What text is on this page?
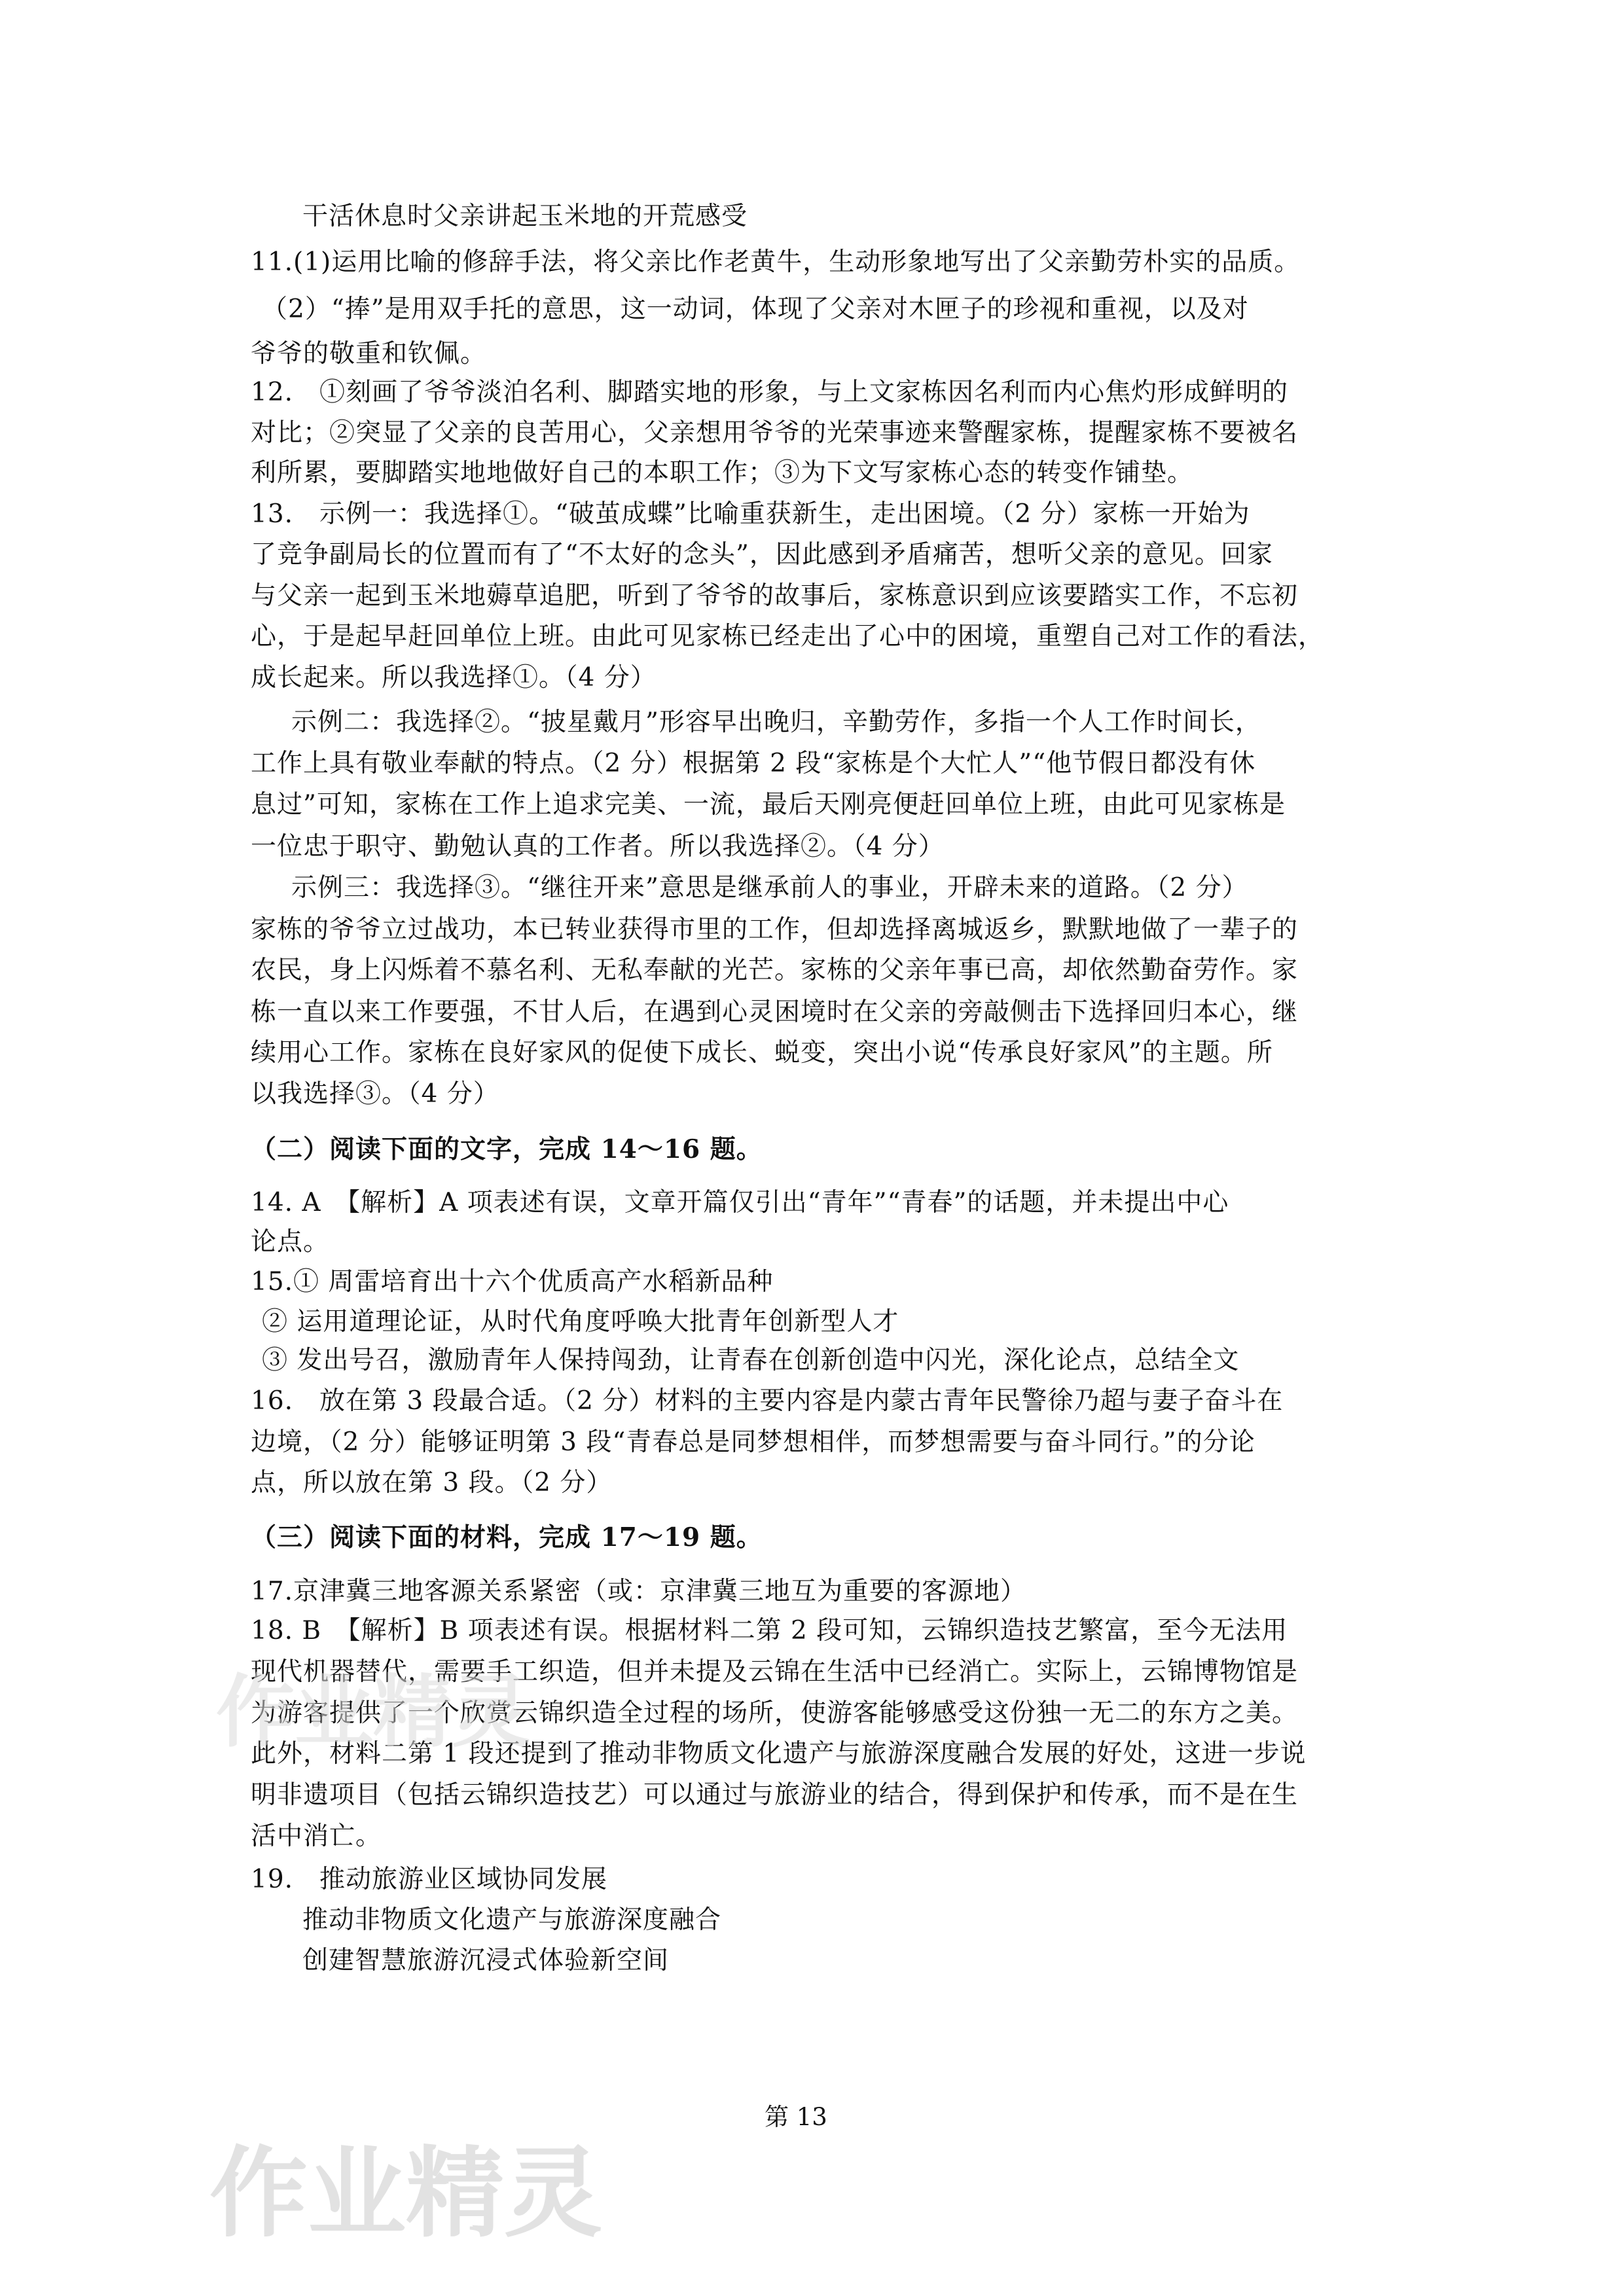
干活休息时父亲讲起玉米地的开荒感受
11.(1)运用比喻的修辞手法，将父亲比作老黄牛，生动形象地写出了父亲勤劳朴实的品质。
（2）“捧”是用双手托的意思，这一动词，体现了父亲对木匣子的珍视和重视，以及对
爷爷的敬重和钦佩。
12.　①刻画了爷爷淡泊名利、脚踏实地的形象，与上文家栋因名利而内心焦灼形成鲜明的
对比；②突显了父亲的良苦用心，父亲想用爷爷的光荣事迹来警醒家栋，提醒家栋不要被名
利所累，要脚踏实地地做好自己的本职工作；③为下文写家栋心态的转变作铺垫。
13.　示例一：我选择①。“破茧成蝶”比喻重获新生，走出困境。（2 分）家栋一开始为
了竞争副局长的位置而有了“不太好的念头”，因此感到矛盾痛苦，想听父亲的意见。回家
与父亲一起到玉米地薅草追肥，听到了爷爷的故事后，家栋意识到应该要踏实工作，不忘初
心，于是起早赶回单位上班。由此可见家栋已经走出了心中的困境，重塑自己对工作的看法，
成长起来。所以我选择①。（4 分）
示例二：我选择②。“披星戴月”形容早出晚归，辛勤劳作，多指一个人工作时间长，
工作上具有敬业奉献的特点。（2 分）根据第 2 段“家栋是个大忙人”“他节假日都没有休
息过”可知，家栋在工作上追求完美、一流，最后天刚亮便赶回单位上班，由此可见家栋是
一位忠于职守、勤勉认真的工作者。所以我选择②。（4 分）
示例三：我选择③。“继往开来”意思是继承前人的事业，开辟未来的道路。（2 分）
家栋的爷爷立过战功，本已转业获得市里的工作，但却选择离城返乡，默默地做了一辈子的
农民，身上闪烁着不慕名利、无私奉献的光芒。家栋的父亲年事已高，却依然勤奋劳作。家
栋一直以来工作要强，不甘人后，在遇到心灵困境时在父亲的旁敲侧击下选择回归本心，继
续用心工作。家栋在良好家风的促使下成长、蜕变，突出小说“传承良好家风”的主题。所
以我选择③。（4 分）
（二）阅读下面的文字，完成 14～16 题。
14. A　【解析】A 项表述有误，文章开篇仅引出“青年”“青春”的话题，并未提出中心
论点。
15.① 周雷培育出十六个优质高产水稻新品种
② 运用道理论证，从时代角度呼唤大批青年创新型人才
③ 发出号召，激励青年人保持闯劲，让青春在创新创造中闪光，深化论点，总结全文
16.　放在第 3 段最合适。（2 分）材料的主要内容是内蒙古青年民警徐乃超与妻子奋斗在
边境，（2 分）能够证明第 3 段“青春总是同梦想相伴，而梦想需要与奋斗同行。”的分论
点，所以放在第 3 段。（2 分）
（三）阅读下面的材料，完成 17～19 题。
17.京津冀三地客源关系紧密（或：京津冀三地互为重要的客源地）
18. B　【解析】B 项表述有误。根据材料二第 2 段可知，云锦织造技艺繁富，至今无法用
现代机器替代，需要手工织造，但并未提及云锦在生活中已经消亡。实际上，云锦博物馆是
为游客提供了一个欣赏云锦织造全过程的场所，使游客能够感受这份独一无二的东方之美。
此外，材料二第 1 段还提到了推动非物质文化遗产与旅游深度融合发展的好处，这进一步说
明非遗项目（包括云锦织造技艺）可以通过与旅游业的结合，得到保护和传承，而不是在生
活中消亡。
19.　推动旅游业区域协同发展
推动非物质文化遗产与旅游深度融合
创建智慧旅游沉浸式体验新空间
第 13
作业精灵
作业精灵
